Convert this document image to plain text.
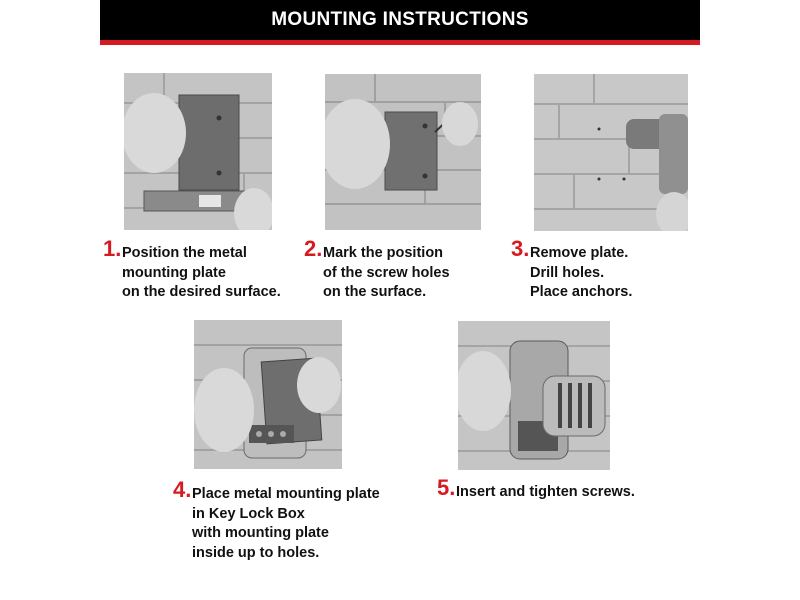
MOUNTING INSTRUCTIONS
1. Position the metal
mounting plate
on the desired surface.
2. Mark the position
of the screw holes
on the surface.
3. Remove plate.
Drill holes.
Place anchors.
4. Place metal mounting plate
in Key Lock Box
with mounting plate
inside up to holes.
5. Insert and tighten screws.
